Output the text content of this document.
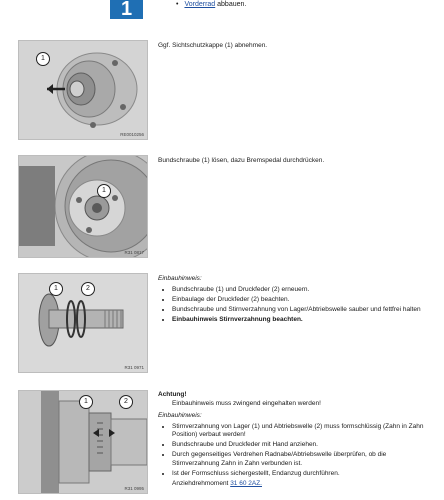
1	• Vorderrad abbauen.
1
RE0010256

Ggf. Sichtschutzkappe (1) abnehmen.

1
R31 0817

Bundschraube (1) lösen, dazu Bremspedal durchdrücken.

1	2
R31 0971

Einbauhinweis:

• Bundschraube (1) und Druckfeder (2) erneuern.
• Einbaulage der Druckfeder (2) beachten.
• Bundschraube und Stirnverzahnung von Lager/Abtriebswelle sauber und fettfrei halten
• Einbauhinweis Stirnverzahnung beachten.
1	2
R31 0995

Achtung!

Einbauhinweis muss zwingend eingehalten werden!

Einbauhinweis:

• Stirnverzahnung von Lager (1) und Abtriebswelle (2) muss formschlüssig (Zahn in Zahn Position) verbaut werden!
• Bundschraube und Druckfeder mit Hand anziehen.
• Durch gegenseitiges Verdrehen Radnabe/Abtriebswelle überprüfen, ob die Stirnverzahnung Zahn in Zahn verbunden ist.
• Ist der Formschluss sichergestellt, Endanzug durchführen.

Anziehdrehmoment 31 60 2AZ.
